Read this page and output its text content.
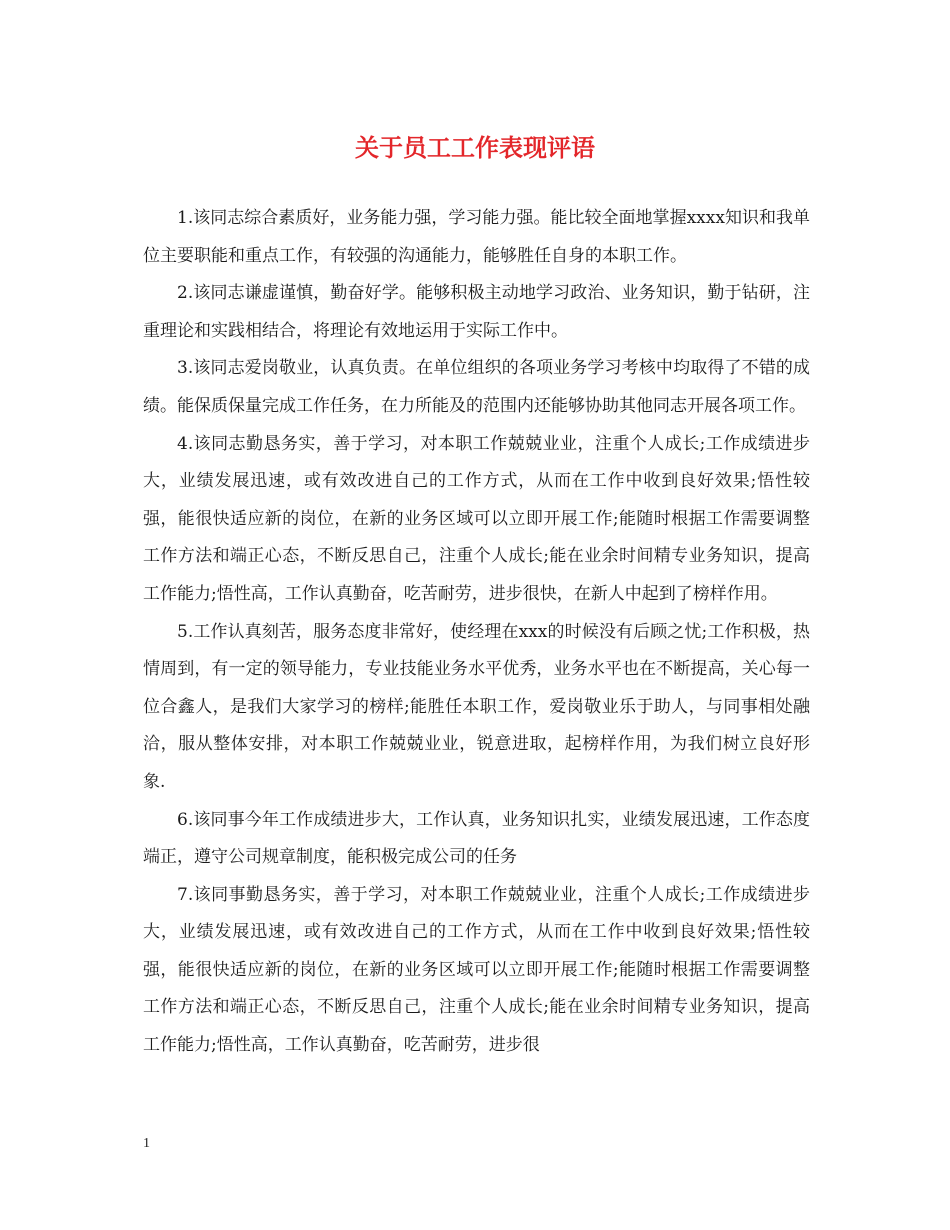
关于员工工作表现评语

1.该同志综合素质好，业务能力强，学习能力强。能比较全面地掌握xxxx知识和我单位主要职能和重点工作，有较强的沟通能力，能够胜任自身的本职工作。

2.该同志谦虚谨慎，勤奋好学。能够积极主动地学习政治、业务知识，勤于钻研，注重理论和实践相结合，将理论有效地运用于实际工作中。

3.该同志爱岗敬业，认真负责。在单位组织的各项业务学习考核中均取得了不错的成绩。能保质保量完成工作任务，在力所能及的范围内还能够协助其他同志开展各项工作。

4.该同志勤恳务实，善于学习，对本职工作兢兢业业，注重个人成长;工作成绩进步大，业绩发展迅速，或有效改进自己的工作方式，从而在工作中收到良好效果;悟性较强，能很快适应新的岗位，在新的业务区域可以立即开展工作;能随时根据工作需要调整工作方法和端正心态，不断反思自己，注重个人成长;能在业余时间精专业务知识，提高工作能力;悟性高，工作认真勤奋，吃苦耐劳，进步很快，在新人中起到了榜样作用。

5.工作认真刻苦，服务态度非常好，使经理在xxx的时候没有后顾之忧;工作积极，热情周到，有一定的领导能力，专业技能业务水平优秀，业务水平也在不断提高，关心每一位合鑫人，是我们大家学习的榜样;能胜任本职工作，爱岗敬业乐于助人，与同事相处融洽，服从整体安排，对本职工作兢兢业业，锐意进取，起榜样作用，为我们树立良好形象.

6.该同事今年工作成绩进步大，工作认真，业务知识扎实，业绩发展迅速，工作态度端正，遵守公司规章制度，能积极完成公司的任务

7.该同事勤恳务实，善于学习，对本职工作兢兢业业，注重个人成长;工作成绩进步大，业绩发展迅速，或有效改进自己的工作方式，从而在工作中收到良好效果;悟性较强，能很快适应新的岗位，在新的业务区域可以立即开展工作;能随时根据工作需要调整工作方法和端正心态，不断反思自己，注重个人成长;能在业余时间精专业务知识，提高工作能力;悟性高，工作认真勤奋，吃苦耐劳，进步很

1
